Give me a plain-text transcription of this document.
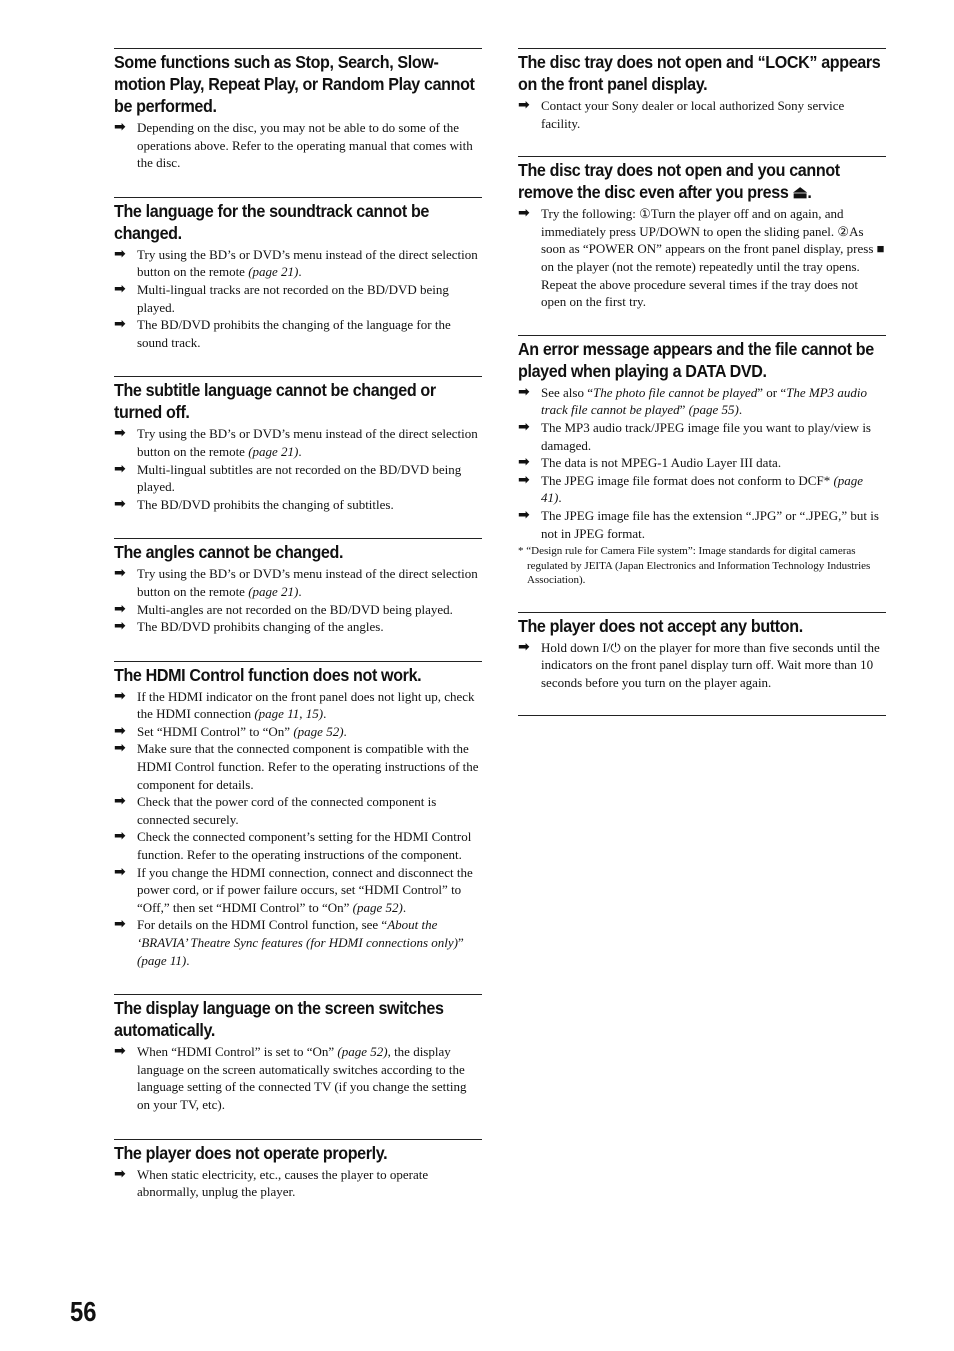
Some functions such as Stop, Search, Slow-motion Play, Repeat Play, or Random Play cannot be performed.
➡ Depending on the disc, you may not be able to do some of the operations above. Refer to the operating manual that comes with the disc.
The language for the soundtrack cannot be changed.
➡ Try using the BD’s or DVD’s menu instead of the direct selection button on the remote (page 21).
➡ Multi-lingual tracks are not recorded on the BD/DVD being played.
➡ The BD/DVD prohibits the changing of the language for the sound track.
The subtitle language cannot be changed or turned off.
➡ Try using the BD’s or DVD’s menu instead of the direct selection button on the remote (page 21).
➡ Multi-lingual subtitles are not recorded on the BD/DVD being played.
➡ The BD/DVD prohibits the changing of subtitles.
The angles cannot be changed.
➡ Try using the BD’s or DVD’s menu instead of the direct selection button on the remote (page 21).
➡ Multi-angles are not recorded on the BD/DVD being played.
➡ The BD/DVD prohibits changing of the angles.
The HDMI Control function does not work.
➡ If the HDMI indicator on the front panel does not light up, check the HDMI connection (page 11, 15).
➡ Set “HDMI Control” to “On” (page 52).
➡ Make sure that the connected component is compatible with the HDMI Control function. Refer to the operating instructions of the component for details.
➡ Check that the power cord of the connected component is connected securely.
➡ Check the connected component’s setting for the HDMI Control function. Refer to the operating instructions of the component.
➡ If you change the HDMI connection, connect and disconnect the power cord, or if power failure occurs, set “HDMI Control” to “Off,” then set “HDMI Control” to “On” (page 52).
➡ For details on the HDMI Control function, see “About the ‘BRAVIA’ Theatre Sync features (for HDMI connections only)” (page 11).
The display language on the screen switches automatically.
➡ When “HDMI Control” is set to “On” (page 52), the display language on the screen automatically switches according to the language setting of the connected TV (if you change the setting on your TV, etc).
The player does not operate properly.
➡ When static electricity, etc., causes the player to operate abnormally, unplug the player.
The disc tray does not open and “LOCK” appears on the front panel display.
➡ Contact your Sony dealer or local authorized Sony service facility.
The disc tray does not open and you cannot remove the disc even after you press ⏏.
➡ Try the following: ①Turn the player off and on again, and immediately press UP/DOWN to open the sliding panel. ②As soon as “POWER ON” appears on the front panel display, press ■ on the player (not the remote) repeatedly until the tray opens. Repeat the above procedure several times if the tray does not open on the first try.
An error message appears and the file cannot be played when playing a DATA DVD.
➡ See also “The photo file cannot be played” or “The MP3 audio track file cannot be played” (page 55).
➡ The MP3 audio track/JPEG image file you want to play/view is damaged.
➡ The data is not MPEG-1 Audio Layer III data.
➡ The JPEG image file format does not conform to DCF* (page 41).
➡ The JPEG image file has the extension “.JPG” or “.JPEG,” but is not in JPEG format.
* “Design rule for Camera File system”: Image standards for digital cameras regulated by JEITA (Japan Electronics and Information Technology Industries Association).
The player does not accept any button.
➡ Hold down I/⏻ on the player for more than five seconds until the indicators on the front panel display turn off. Wait more than 10 seconds before you turn on the player again.
56
